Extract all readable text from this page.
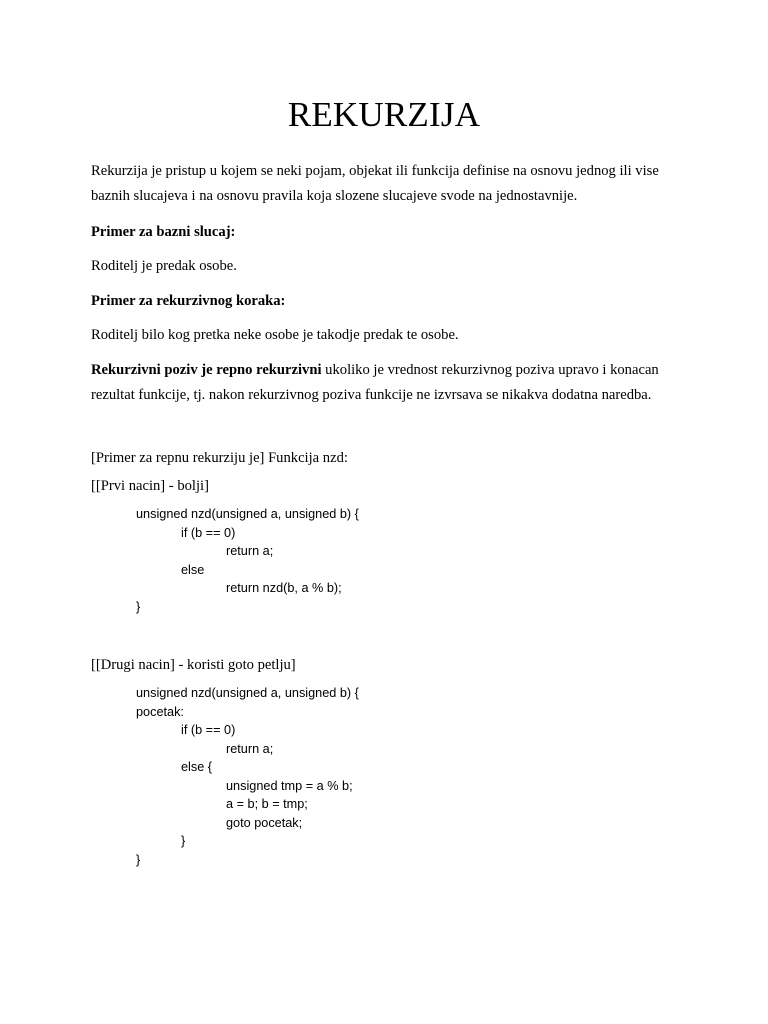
REKURZIJA

Rekurzija je pristup u kojem se neki pojam, objekat ili funkcija definise na osnovu jednog ili vise baznih slucajeva i na osnovu pravila koja slozene slucajeve svode na jednostavnije.

Primer za bazni slucaj:

Roditelj je predak osobe.

Primer za rekurzivnog koraka:

Roditelj bilo kog pretka neke osobe je takodje predak te osobe.

Rekurzivni poziv je repno rekurzivni ukoliko je vrednost rekurzivnog poziva upravo i konacan rezultat funkcije, tj. nakon rekurzivnog poziva funkcije ne izvrsava se nikakva dodatna naredba.

[Primer za repnu rekurziju je] Funkcija nzd:

[[Prvi nacin] - bolji]

unsigned nzd(unsigned a, unsigned b) {

if (b == 0)

return a;

else

return nzd(b, a % b);

}

[[Drugi nacin] - koristi goto petlju]

unsigned nzd(unsigned a, unsigned b) {

pocetak:

if (b == 0)

return a;

else {

unsigned tmp = a % b;

a = b; b = tmp;

goto pocetak;

}

}
